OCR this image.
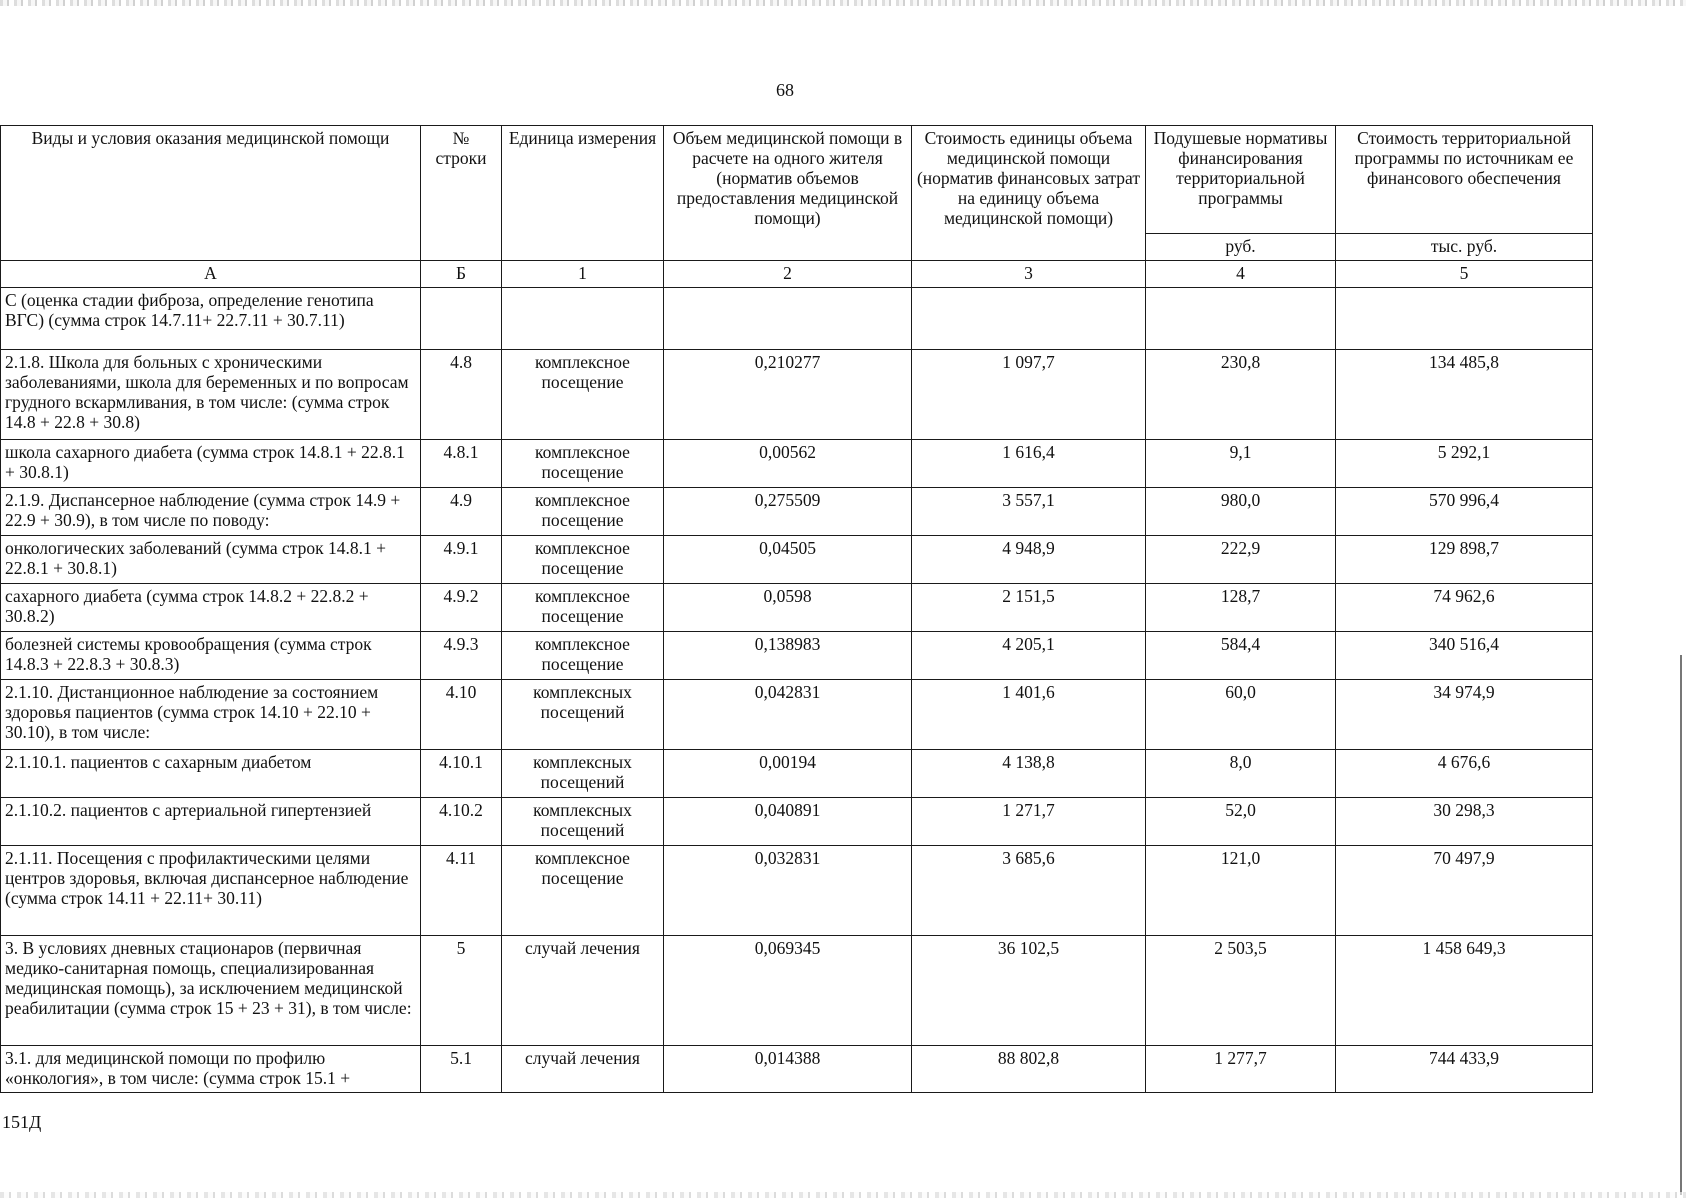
68
Виды и условия оказания медицинской помощи	№ строки	Единица измерения	Объем медицинской помощи в расчете на одного жителя (норматив объемов предоставления медицинской помощи)	Стоимость единицы объема медицинской помощи (норматив финансовых затрат на единицу объема медицинской помощи)	Подушевые нормативы финансирования территориальной программы	Стоимость территориальной программы по источникам ее финансового обеспечения
					руб.	тыс. руб.
А	Б	1	2	3	4	5
С (оценка стадии фиброза, определение генотипа ВГС) (сумма строк 14.7.11+ 22.7.11 + 30.7.11)						
2.1.8. Школа для больных с хроническими заболеваниями, школа для беременных и по вопросам грудного вскармливания, в том числе: (сумма строк 14.8 + 22.8 + 30.8)	4.8	комплексное посещение	0,210277	1 097,7	230,8	134 485,8
школа сахарного диабета (сумма строк 14.8.1 + 22.8.1 + 30.8.1)	4.8.1	комплексное посещение	0,00562	1 616,4	9,1	5 292,1
2.1.9. Диспансерное наблюдение (сумма строк 14.9 + 22.9 + 30.9), в том числе по поводу:	4.9	комплексное посещение	0,275509	3 557,1	980,0	570 996,4
онкологических заболеваний (сумма строк 14.8.1 + 22.8.1 + 30.8.1)	4.9.1	комплексное посещение	0,04505	4 948,9	222,9	129 898,7
сахарного диабета (сумма строк 14.8.2 + 22.8.2 + 30.8.2)	4.9.2	комплексное посещение	0,0598	2 151,5	128,7	74 962,6
болезней системы кровообращения (сумма строк 14.8.3 + 22.8.3 + 30.8.3)	4.9.3	комплексное посещение	0,138983	4 205,1	584,4	340 516,4
2.1.10. Дистанционное наблюдение за состоянием здоровья пациентов (сумма строк 14.10 + 22.10 + 30.10), в том числе:	4.10	комплексных посещений	0,042831	1 401,6	60,0	34 974,9
2.1.10.1. пациентов с сахарным диабетом	4.10.1	комплексных посещений	0,00194	4 138,8	8,0	4 676,6
2.1.10.2. пациентов с артериальной гипертензией	4.10.2	комплексных посещений	0,040891	1 271,7	52,0	30 298,3
2.1.11. Посещения с профилактическими целями центров здоровья, включая диспансерное наблюдение (сумма строк 14.11 + 22.11+ 30.11)	4.11	комплексное посещение	0,032831	3 685,6	121,0	70 497,9
3. В условиях дневных стационаров (первичная медико-санитарная помощь, специализированная медицинская помощь), за исключением медицинской реабилитации (сумма строк 15 + 23 + 31), в том числе:	5	случай лечения	0,069345	36 102,5	2 503,5	1 458 649,3
3.1. для медицинской помощи по профилю «онкология», в том числе: (сумма строк 15.1 +	5.1	случай лечения	0,014388	88 802,8	1 277,7	744 433,9
151Д
